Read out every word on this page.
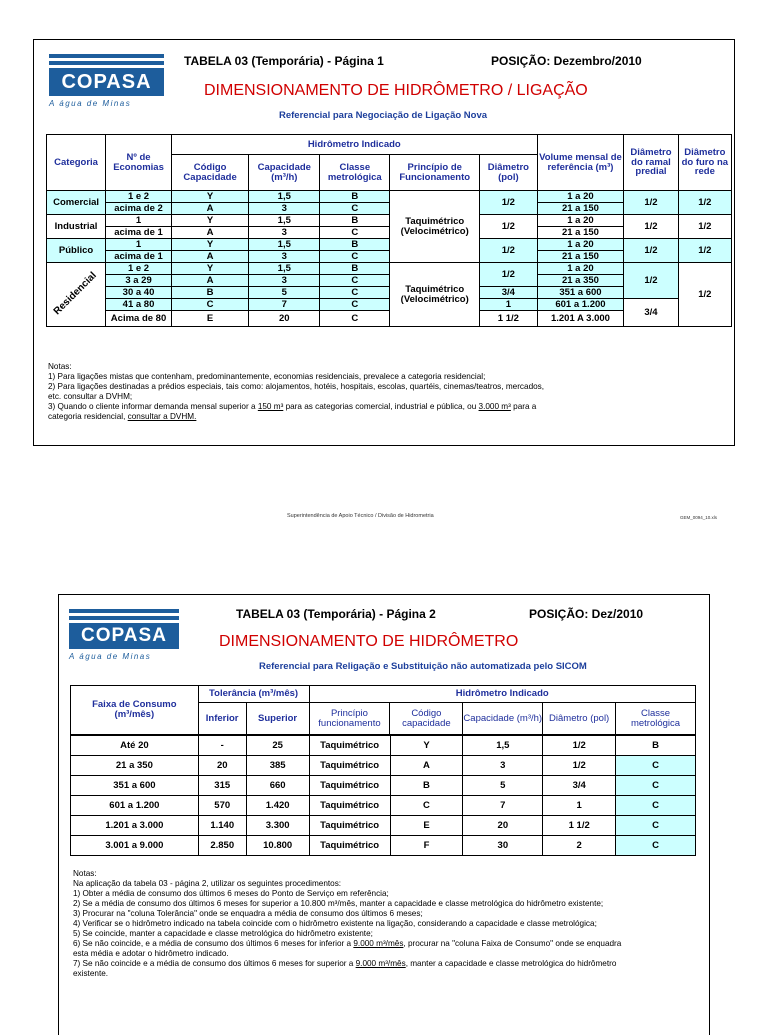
COPASA
A água de Minas
TABELA 03 (Temporária) - Página 1	POSIÇÃO: Dezembro/2010
DIMENSIONAMENTO DE HIDRÔMETRO / LIGAÇÃO
Referencial para Negociação de Ligação Nova
Categoria	Nº de Economias	Hidrômetro Indicado					Volume mensal de referência (m³)	Diâmetro do ramal predial	Diâmetro do furo na rede
		Código Capacidade	Capacidade (m³/h)	Classe metrológica	Princípio de Funcionamento	Diâmetro (pol)			
Comercial	1 e 2	Y	1,5	B	Taquimétrico (Velocimétrico)	1/2	1 a 20	1/2	1/2
	acima de 2	A	3	C			21 a 150		
Industrial	1	Y	1,5	B		1/2	1 a 20	1/2	1/2
	acima de 1	A	3	C			21 a 150		
Público	1	Y	1,5	B		1/2	1 a 20	1/2	1/2
	acima de 1	A	3	C			21 a 150		
Residencial	1 e 2	Y	1,5	B	Taquimétrico (Velocimétrico)	1/2	1 a 20	1/2	1/2
	3 a 29	A	3	C			21 a 350		
	30 a 40	B	5	C		3/4	351 a 600		
	41 a 80	C	7	C		1	601 a 1.200	3/4	
	Acima de 80	E	20	C		1 1/2	1.201 A 3.000		
Notas:
1) Para ligações mistas que contenham, predominantemente, economias residenciais, prevalece a categoria residencial;
2) Para ligações destinadas a prédios especiais, tais como: alojamentos, hotéis, hospitais, escolas, quartéis, cinemas/teatros, mercados,
etc. consultar a DVHM;
3) Quando o cliente informar demanda mensal superior a 150 m³ para as categorias comercial, industrial e pública, ou 3.000 m³ para a
categoria residencial, consultar a DVHM.
Superintendência de Apoio Técnico / Divisão de Hidrometria	GEM_0094_10.xls
COPASA
A água de Minas
TABELA 03 (Temporária) - Página 2	POSIÇÃO: Dez/2010
DIMENSIONAMENTO DE HIDRÔMETRO
Referencial para Religação e Substituição não automatizada pelo SICOM
Faixa de Consumo (m³/mês)	Tolerância (m³/mês)		Hidrômetro Indicado				
	Inferior	Superior	Princípio funcionamento	Código capacidade	Capacidade (m³/h)	Diâmetro (pol)	Classe metrológica
Até 20	-	25	Taquimétrico	Y	1,5	1/2	B
21 a 350	20	385	Taquimétrico	A	3	1/2	C
351 a 600	315	660	Taquimétrico	B	5	3/4	C
601 a 1.200	570	1.420	Taquimétrico	C	7	1	C
1.201 a 3.000	1.140	3.300	Taquimétrico	E	20	1 1/2	C
3.001 a 9.000	2.850	10.800	Taquimétrico	F	30	2	C
Notas:
Na aplicação da tabela 03 - página 2, utilizar os seguintes procedimentos:
1) Obter a média de consumo dos últimos 6 meses do Ponto de Serviço em referência;
2) Se a média de consumo dos últimos 6 meses for superior a 10.800 m³/mês, manter a capacidade e classe metrológica do hidrômetro existente;
3) Procurar na "coluna Tolerância" onde se enquadra a média de consumo dos últimos 6 meses;
4) Verificar se o hidrômetro indicado na tabela coincide com o hidrômetro existente na ligação, considerando a capacidade e classe metrológica;
5) Se coincide, manter a capacidade e classe metrológica do hidrômetro existente;
6) Se não coincide, e a média de consumo dos últimos 6 meses for inferior a 9.000 m³/mês, procurar na "coluna Faixa de Consumo" onde se enquadra
esta média e adotar o hidrômetro indicado.
7) Se não coincide e a média de consumo dos últimos 6 meses for superior a 9.000 m³/mês, manter a capacidade e classe metrológica do hidrômetro
existente.
